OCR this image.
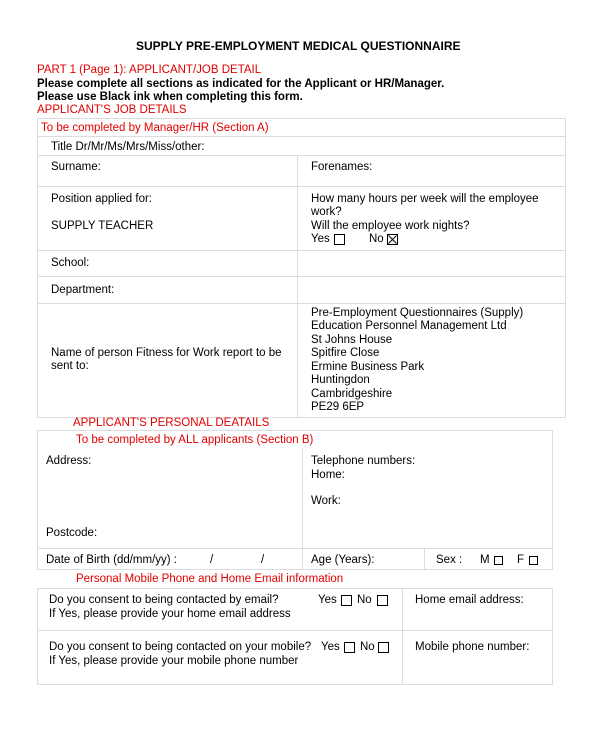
SUPPLY PRE-EMPLOYMENT MEDICAL QUESTIONNAIRE
PART 1 (Page 1): APPLICANT/JOB DETAIL
Please complete all sections as indicated for the Applicant or HR/Manager.
Please use Black ink when completing this form.
APPLICANT'S JOB DETAILS
To be completed by Manager/HR (Section A)
Title Dr/Mr/Ms/Mrs/Miss/other:
Surname:	Forenames:
Position applied for:
SUPPLY TEACHER
How many hours per week will the employee
work?
Will the employee work nights?
Yes	No
School:
Department:
Name of person Fitness for Work report to be
sent to:
Pre-Employment Questionnaires (Supply)
Education Personnel Management Ltd
St Johns House
Spitfire Close
Ermine Business Park
Huntingdon
Cambridgeshire
PE29 6EP
APPLICANT'S PERSONAL DEATAILS
To be completed by ALL applicants (Section B)
Address:
Postcode:
Telephone numbers:
Home:
Work:
Date of Birth (dd/mm/yy) :	/	/	Age (Years):	Sex : M F
Personal Mobile Phone and Home Email information
Do you consent to being contacted by email?
If Yes, please provide your home email address
Yes No	Home email address:
Do you consent to being contacted on your mobile?
If Yes, please provide your mobile phone number
Yes No	Mobile phone number:
